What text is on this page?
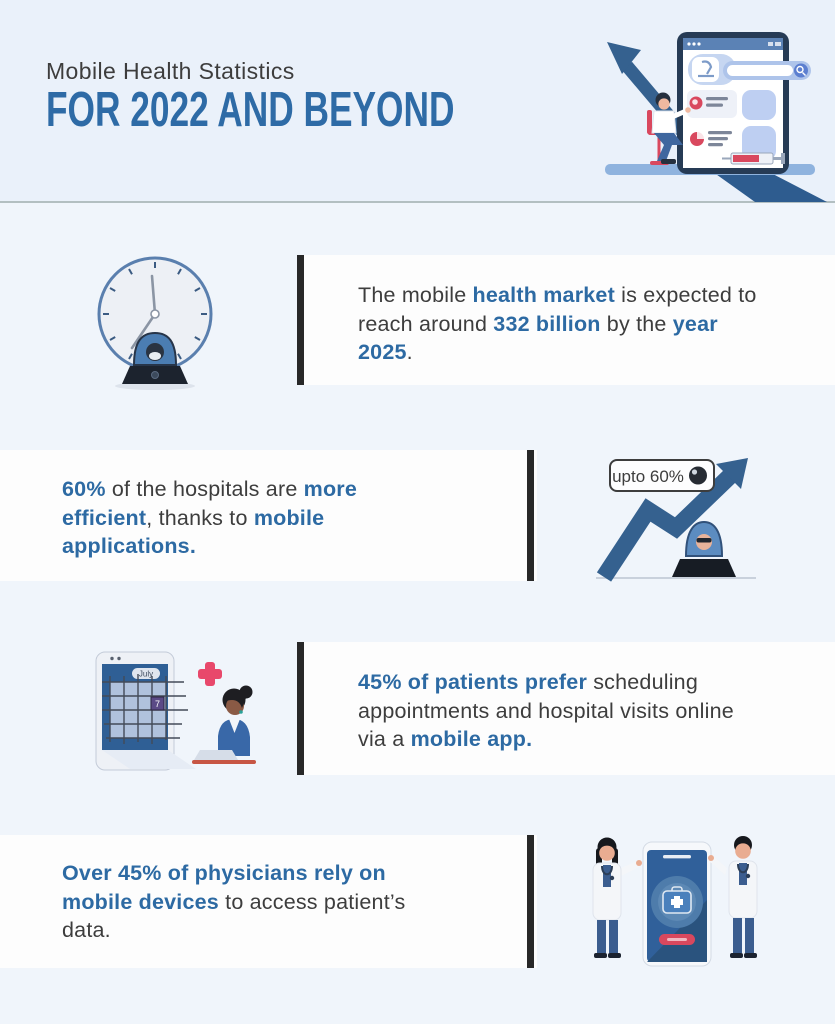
Mobile Health Statistics
FOR 2022 AND BEYOND

The mobile health market is expected to reach around 332 billion by the year 2025.

60% of the hospitals are more efficient, thanks to mobile applications.

upto 60%
July
7

45% of patients prefer scheduling appointments and hospital visits online via a mobile app.

Over 45% of physicians rely on mobile devices to access patient’s data.
